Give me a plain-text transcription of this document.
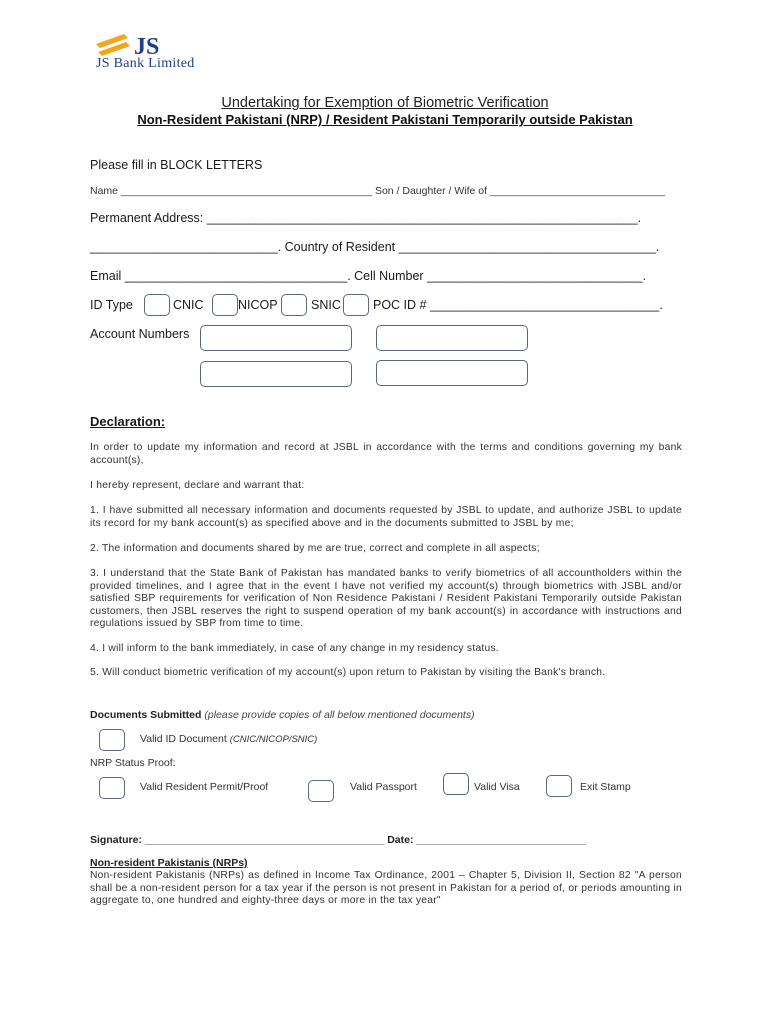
JS
JS Bank Limited
Undertaking for Exemption of Biometric Verification
Non-Resident Pakistani (NRP) / Resident Pakistani Temporarily outside Pakistan
Please fill in BLOCK LETTERS
Name ___________________________________________ Son / Daughter / Wife of ______________________________
Permanent Address: ______________________________________________________________.
___________________________. Country of Resident _____________________________________.
Email ________________________________. Cell Number _______________________________.
ID Type	CNIC	NICOP	SNIC	POC ID # _________________________________.
Account Numbers
Declaration:
In order to update my information and record at JSBL in accordance with the terms and conditions governing my bank account(s),
I hereby represent, declare and warrant that:
1. I have submitted all necessary information and documents requested by JSBL to update, and authorize JSBL to update its record for my bank account(s) as specified above and in the documents submitted to JSBL by me;
2. The information and documents shared by me are true, correct and complete in all aspects;
3. I understand that the State Bank of Pakistan has mandated banks to verify biometrics of all accountholders within the provided timelines, and I agree that in the event I have not verified my account(s) through biometrics with JSBL and/or satisfied SBP requirements for verification of Non Residence Pakistani / Resident Pakistani Temporarily outside Pakistan customers, then JSBL reserves the right to suspend operation of my bank account(s) in accordance with instructions and regulations issued by SBP from time to time.
4. I will inform to the bank immediately, in case of any change in my residency status.
5. Will conduct biometric verification of my account(s) upon return to Pakistan by visiting the Bank's branch.
Documents Submitted (please provide copies of all below mentioned documents)
Valid ID Document (CNIC/NICOP/SNIC)
NRP Status Proof:
Valid Resident Permit/Proof	Valid Passport	Valid Visa	Exit Stamp
Signature: _________________________________________ Date: _____________________________
Non-resident Pakistanis (NRPs)
Non-resident Pakistanis (NRPs) as defined in Income Tax Ordinance, 2001 – Chapter 5, Division II, Section 82 "A person shall be a non-resident person for a tax year if the person is not present in Pakistan for a period of, or periods amounting in aggregate to, one hundred and eighty-three days or more in the tax year"
